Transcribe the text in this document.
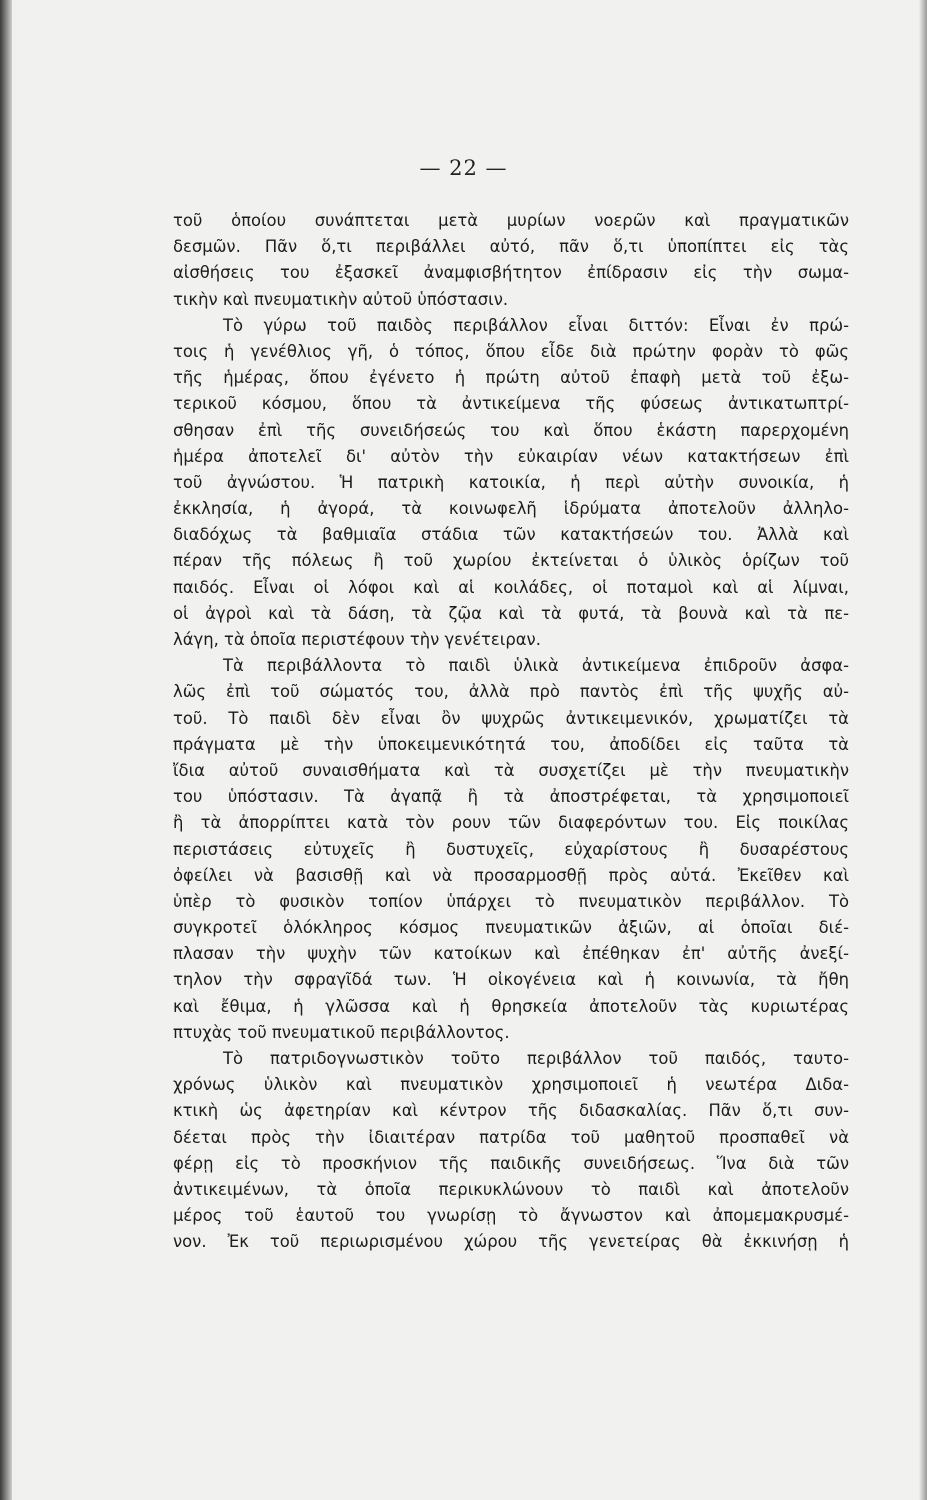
— 22 —
τοῦ ὁποίου συνάπτεται μετὰ μυρίων νοερῶν καὶ πραγματικῶν
δεσμῶν. Πᾶν ὅ,τι περιβάλλει αὐτό, πᾶν ὅ,τι ὑποπίπτει εἰς τὰς
αἰσθήσεις του ἐξασκεῖ ἀναμφισβήτητον ἐπίδρασιν εἰς τὴν σωμα-
τικὴν καὶ πνευματικὴν αὐτοῦ ὑπόστασιν.
Τὸ γύρω τοῦ παιδὸς περιβάλλον εἶναι διττόν: Εἶναι ἐν πρώ-
τοις ἡ γενέθλιος γῆ, ὁ τόπος, ὅπου εἶδε διὰ πρώτην φορὰν τὸ φῶς
τῆς ἡμέρας, ὅπου ἐγένετο ἡ πρώτη αὐτοῦ ἐπαφὴ μετὰ τοῦ ἐξω-
τερικοῦ κόσμου, ὅπου τὰ ἀντικείμενα τῆς φύσεως ἀντικατωπτρί-
σθησαν ἐπὶ τῆς συνειδήσεώς του καὶ ὅπου ἑκάστη παρερχομένη
ἡμέρα ἀποτελεῖ δι' αὐτὸν τὴν εὐκαιρίαν νέων κατακτήσεων ἐπὶ
τοῦ ἀγνώστου. Ἡ πατρικὴ κατοικία, ἡ περὶ αὐτὴν συνοικία, ἡ
ἐκκλησία, ἡ ἀγορά, τὰ κοινωφελῆ ἱδρύματα ἀποτελοῦν ἀλληλο-
διαδόχως τὰ βαθμιαῖα στάδια τῶν κατακτήσεών του. Ἀλλὰ καὶ
πέραν τῆς πόλεως ἢ τοῦ χωρίου ἐκτείνεται ὁ ὑλικὸς ὁρίζων τοῦ
παιδός. Εἶναι οἱ λόφοι καὶ αἱ κοιλάδες, οἱ ποταμοὶ καὶ αἱ λίμναι,
οἱ ἀγροὶ καὶ τὰ δάση, τὰ ζῷα καὶ τὰ φυτά, τὰ βουνὰ καὶ τὰ πε-
λάγη, τὰ ὁποῖα περιστέφουν τὴν γενέτειραν.
Τὰ περιβάλλοντα τὸ παιδὶ ὑλικὰ ἀντικείμενα ἐπιδροῦν ἀσφα-
λῶς ἐπὶ τοῦ σώματός του, ἀλλὰ πρὸ παντὸς ἐπὶ τῆς ψυχῆς αὐ-
τοῦ. Τὸ παιδὶ δὲν εἶναι ὂν ψυχρῶς ἀντικειμενικόν, χρωματίζει τὰ
πράγματα μὲ τὴν ὑποκειμενικότητά του, ἀποδίδει εἰς ταῦτα τὰ
ἴδια αὐτοῦ συναισθήματα καὶ τὰ συσχετίζει μὲ τὴν πνευματικὴν
του ὑπόστασιν. Τὰ ἀγαπᾷ ἢ τὰ ἀποστρέφεται, τὰ χρησιμοποιεῖ
ἢ τὰ ἀπορρίπτει κατὰ τὸν ρουν τῶν διαφερόντων του. Εἰς ποικίλας
περιστάσεις εὐτυχεῖς ἢ δυστυχεῖς, εὐχαρίστους ἢ δυσαρέστους
ὀφείλει νὰ βασισθῇ καὶ νὰ προσαρμοσθῇ πρὸς αὐτά. Ἐκεῖθεν καὶ
ὑπὲρ τὸ φυσικὸν τοπίον ὑπάρχει τὸ πνευματικὸν περιβάλλον. Τὸ
συγκροτεῖ ὁλόκληρος κόσμος πνευματικῶν ἀξιῶν, αἱ ὁποῖαι διέ-
πλασαν τὴν ψυχὴν τῶν κατοίκων καὶ ἐπέθηκαν ἐπ' αὐτῆς ἀνεξί-
τηλον τὴν σφραγῖδά των. Ἡ οἰκογένεια καὶ ἡ κοινωνία, τὰ ἤθη
καὶ ἔθιμα, ἡ γλῶσσα καὶ ἡ θρησκεία ἀποτελοῦν τὰς κυριωτέρας
πτυχὰς τοῦ πνευματικοῦ περιβάλλοντος.
Τὸ πατριδογνωστικὸν τοῦτο περιβάλλον τοῦ παιδός, ταυτο-
χρόνως ὑλικὸν καὶ πνευματικὸν χρησιμοποιεῖ ἡ νεωτέρα Διδα-
κτικὴ ὡς ἀφετηρίαν καὶ κέντρον τῆς διδασκαλίας. Πᾶν ὅ,τι συν-
δέεται πρὸς τὴν ἰδιαιτέραν πατρίδα τοῦ μαθητοῦ προσπαθεῖ νὰ
φέρῃ εἰς τὸ προσκήνιον τῆς παιδικῆς συνειδήσεως. Ἵνα διὰ τῶν
ἀντικειμένων, τὰ ὁποῖα περικυκλώνουν τὸ παιδὶ καὶ ἀποτελοῦν
μέρος τοῦ ἑαυτοῦ του γνωρίσῃ τὸ ἄγνωστον καὶ ἀπομεμακρυσμέ-
νον. Ἐκ τοῦ περιωρισμένου χώρου τῆς γενετείρας θὰ ἐκκινήσῃ ἡ
